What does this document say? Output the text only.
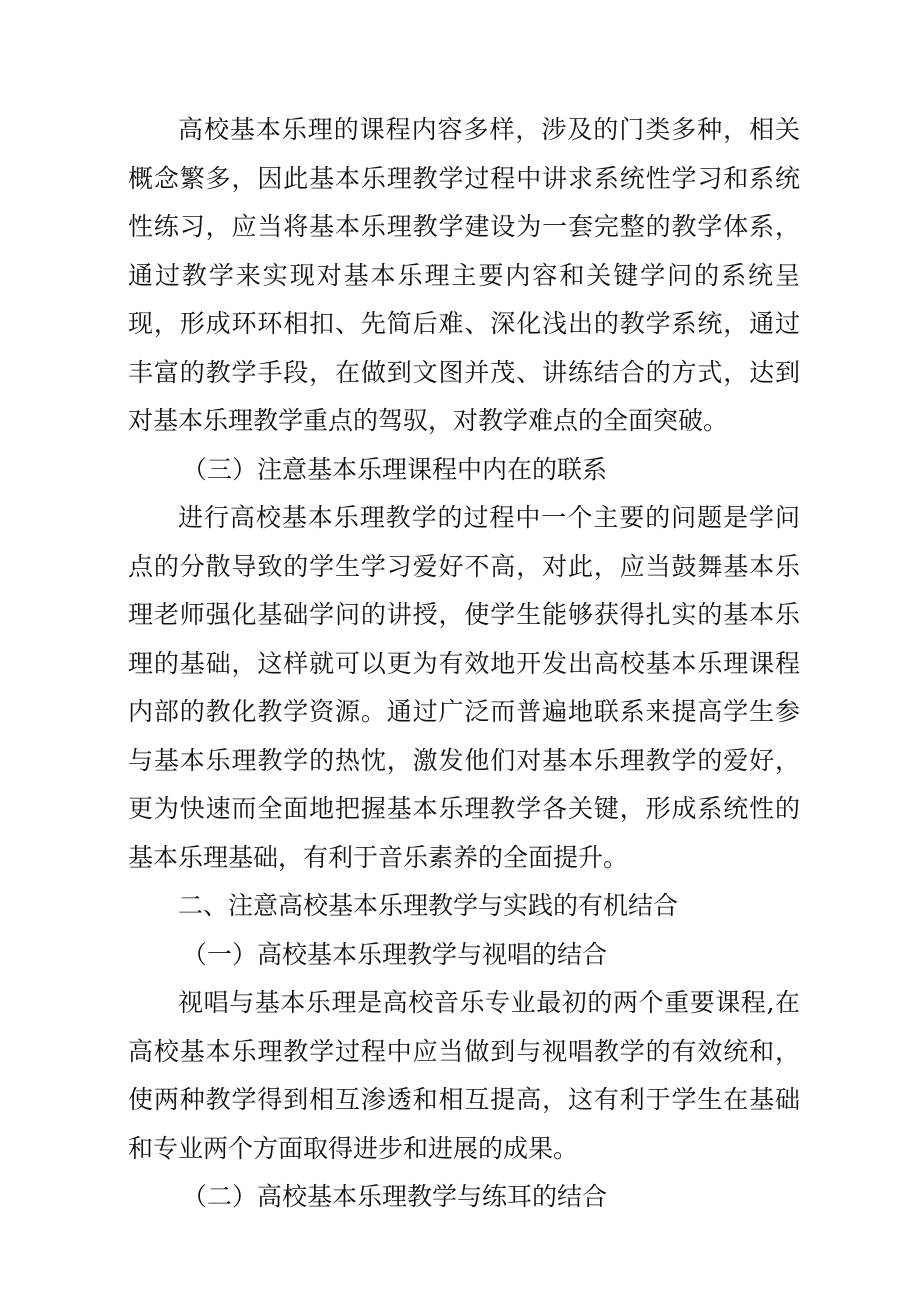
高校基本乐理的课程内容多样，涉及的门类多种，相关概念繁多，因此基本乐理教学过程中讲求系统性学习和系统性练习，应当将基本乐理教学建设为一套完整的教学体系，通过教学来实现对基本乐理主要内容和关键学问的系统呈现，形成环环相扣、先简后难、深化浅出的教学系统，通过丰富的教学手段，在做到文图并茂、讲练结合的方式，达到对基本乐理教学重点的驾驭，对教学难点的全面突破。

（三）注意基本乐理课程中内在的联系

进行高校基本乐理教学的过程中一个主要的问题是学问点的分散导致的学生学习爱好不高，对此，应当鼓舞基本乐理老师强化基础学问的讲授，使学生能够获得扎实的基本乐理的基础，这样就可以更为有效地开发出高校基本乐理课程内部的教化教学资源。通过广泛而普遍地联系来提高学生参与基本乐理教学的热忱，激发他们对基本乐理教学的爱好，更为快速而全面地把握基本乐理教学各关键，形成系统性的基本乐理基础，有利于音乐素养的全面提升。

二、注意高校基本乐理教学与实践的有机结合

（一）高校基本乐理教学与视唱的结合

视唱与基本乐理是高校音乐专业最初的两个重要课程,在高校基本乐理教学过程中应当做到与视唱教学的有效统和，使两种教学得到相互渗透和相互提高，这有利于学生在基础和专业两个方面取得进步和进展的成果。

（二）高校基本乐理教学与练耳的结合
